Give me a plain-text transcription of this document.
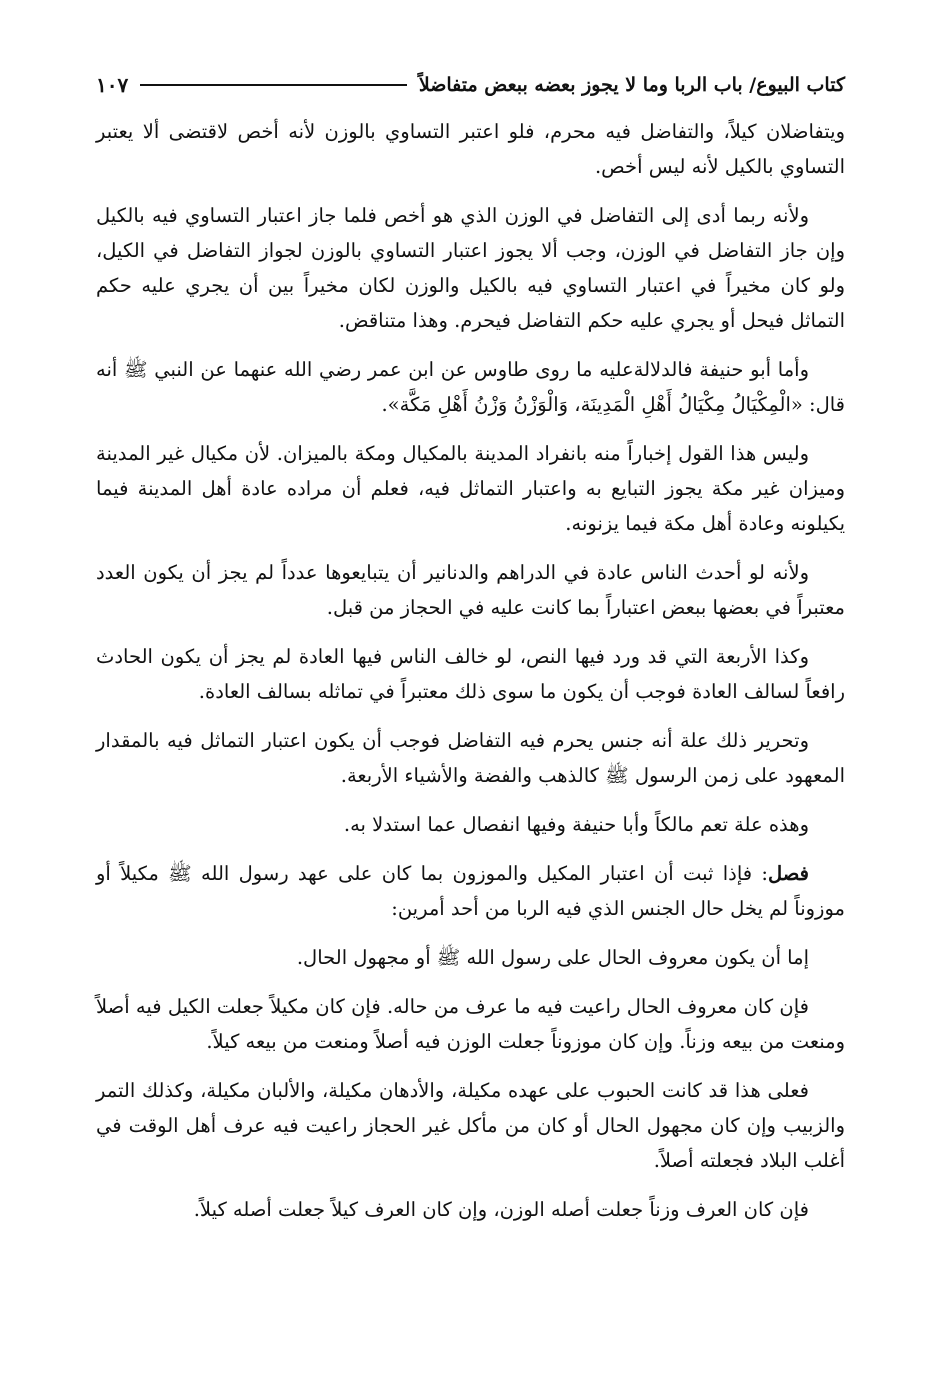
كتاب البيوع/ باب الربا وما لا يجوز بعضه ببعض متفاضلاً
١٠٧

ويتفاضلان كيلاً، والتفاضل فيه محرم، فلو اعتبر التساوي بالوزن لأنه أخص لاقتضى ألا يعتبر التساوي بالكيل لأنه ليس أخص.

ولأنه ربما أدى إلى التفاضل في الوزن الذي هو أخص فلما جاز اعتبار التساوي فيه بالكيل وإن جاز التفاضل في الوزن، وجب ألا يجوز اعتبار التساوي بالوزن لجواز التفاضل في الكيل، ولو كان مخيراً في اعتبار التساوي فيه بالكيل والوزن لكان مخيراً بين أن يجري عليه حكم التماثل فيحل أو يجري عليه حكم التفاضل فيحرم. وهذا متناقض.

وأما أبو حنيفة فالدلالةعليه ما روى طاوس عن ابن عمر رضي الله عنهما عن النبي ﷺ أنه قال: «الْمِكْيَالُ مِكْيَالُ أَهْلِ الْمَدِينَة، وَالْوَزْنُ وَزْنُ أَهْلِ مَكَّة».

وليس هذا القول إخباراً منه بانفراد المدينة بالمكيال ومكة بالميزان. لأن مكيال غير المدينة وميزان غير مكة يجوز التبايع به واعتبار التماثل فيه، فعلم أن مراده عادة أهل المدينة فيما يكيلونه وعادة أهل مكة فيما يزنونه.

ولأنه لو أحدث الناس عادة في الدراهم والدنانير أن يتبايعوها عدداً لم يجز أن يكون العدد معتبراً في بعضها ببعض اعتباراً بما كانت عليه في الحجاز من قبل.

وكذا الأربعة التي قد ورد فيها النص، لو خالف الناس فيها العادة لم يجز أن يكون الحادث رافعاً لسالف العادة فوجب أن يكون ما سوى ذلك معتبراً في تماثله بسالف العادة.

وتحرير ذلك علة أنه جنس يحرم فيه التفاضل فوجب أن يكون اعتبار التماثل فيه بالمقدار المعهود على زمن الرسول ﷺ كالذهب والفضة والأشياء الأربعة.

وهذه علة تعم مالكاً وأبا حنيفة وفيها انفصال عما استدلا به.

فصل: فإذا ثبت أن اعتبار المكيل والموزون بما كان على عهد رسول الله ﷺ مكيلاً أو موزوناً لم يخل حال الجنس الذي فيه الربا من أحد أمرين:

إما أن يكون معروف الحال على رسول الله ﷺ أو مجهول الحال.

فإن كان معروف الحال راعيت فيه ما عرف من حاله. فإن كان مكيلاً جعلت الكيل فيه أصلاً ومنعت من بيعه وزناً. وإن كان موزوناً جعلت الوزن فيه أصلاً ومنعت من بيعه كيلاً.

فعلى هذا قد كانت الحبوب على عهده مكيلة، والأدهان مكيلة، والألبان مكيلة، وكذلك التمر والزبيب وإن كان مجهول الحال أو كان من مأكل غير الحجاز راعيت فيه عرف أهل الوقت في أغلب البلاد فجعلته أصلاً.

فإن كان العرف وزناً جعلت أصله الوزن، وإن كان العرف كيلاً جعلت أصله كيلاً.
